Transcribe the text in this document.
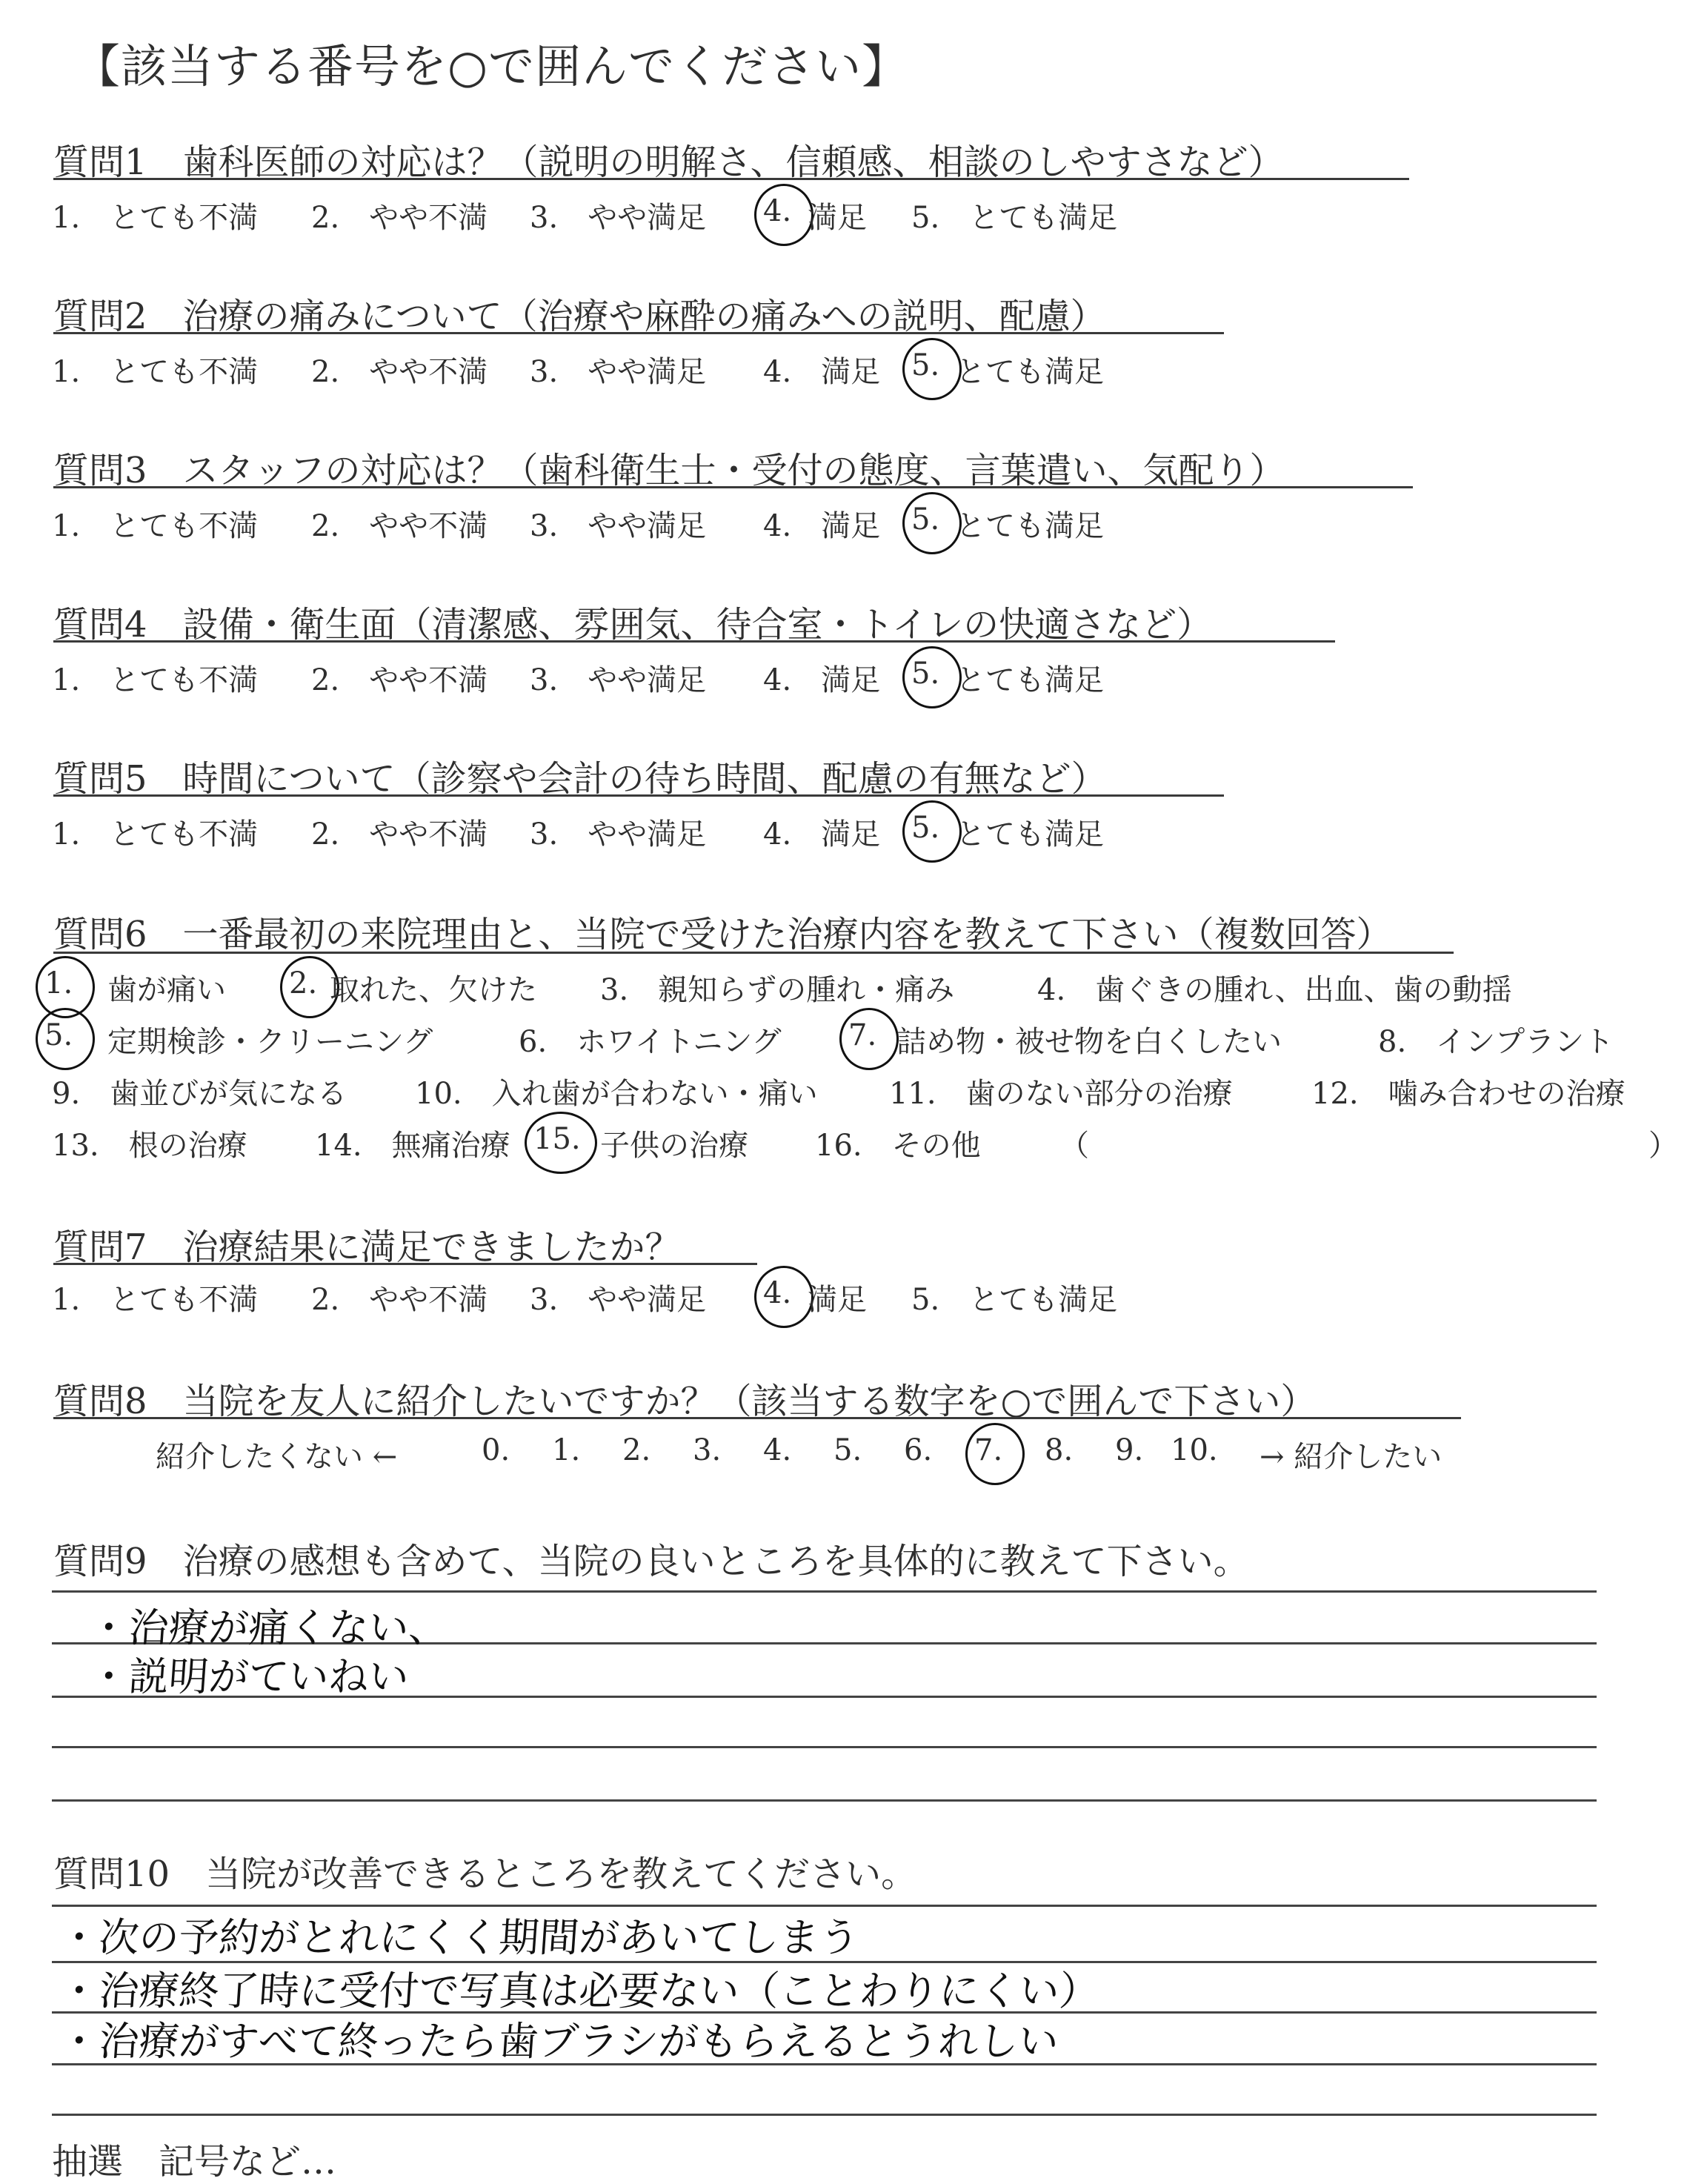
【該当する番号を○で囲んでください】
質問1　歯科医師の対応は？（説明の明解さ、信頼感、相談のしやすさなど）
1.　とても不満 2.　やや不満 3.　やや満足 4. 満足 5.　とても満足
質問2　治療の痛みについて（治療や麻酔の痛みへの説明、配慮）
1.　とても不満 2.　やや不満 3.　やや満足 4.　満足 5. とても満足
質問3　スタッフの対応は？（歯科衛生士・受付の態度、言葉遣い、気配り）
1.　とても不満 2.　やや不満 3.　やや満足 4.　満足 5. とても満足
質問4　設備・衛生面（清潔感、雰囲気、待合室・トイレの快適さなど）
1.　とても不満 2.　やや不満 3.　やや満足 4.　満足 5. とても満足
質問5　時間について（診察や会計の待ち時間、配慮の有無など）
1.　とても不満 2.　やや不満 3.　やや満足 4.　満足 5. とても満足
質問6　一番最初の来院理由と、当院で受けた治療内容を教えて下さい（複数回答）
1. 歯が痛い 2. 取れた、欠けた 3.　親知らずの腫れ・痛み	4.　歯ぐきの腫れ、出血、歯の動揺
5. 定期検診・クリーニング	6.　ホワイトニング 7. 詰め物・被せ物を白くしたい	8.　インプラント
9.　歯並びが気になる 10.　入れ歯が合わない・痛い 11.　歯のない部分の治療	12.　噛み合わせの治療
13.　根の治療 14.　無痛治療 15. 子供の治療 16.　その他	（	）
質問7　治療結果に満足できましたか？
1.　とても不満 2.　やや不満 3.　やや満足 4. 満足 5.　とても満足
質問8　当院を友人に紹介したいですか？（該当する数字を○で囲んで下さい）
紹介したくない ←	0. 1. 2. 3. 4. 5. 6. 7. 8. 9. 10. → 紹介したい
質問9　治療の感想も含めて、当院の良いところを具体的に教えて下さい。
・治療が痛くない、
・説明がていねい
質問10　当院が改善できるところを教えてください。
・次の予約がとれにくく期間があいてしまう
・治療終了時に受付で写真は必要ない（ことわりにくい）
・治療がすべて終ったら歯ブラシがもらえるとうれしい
抽選　記号など…
